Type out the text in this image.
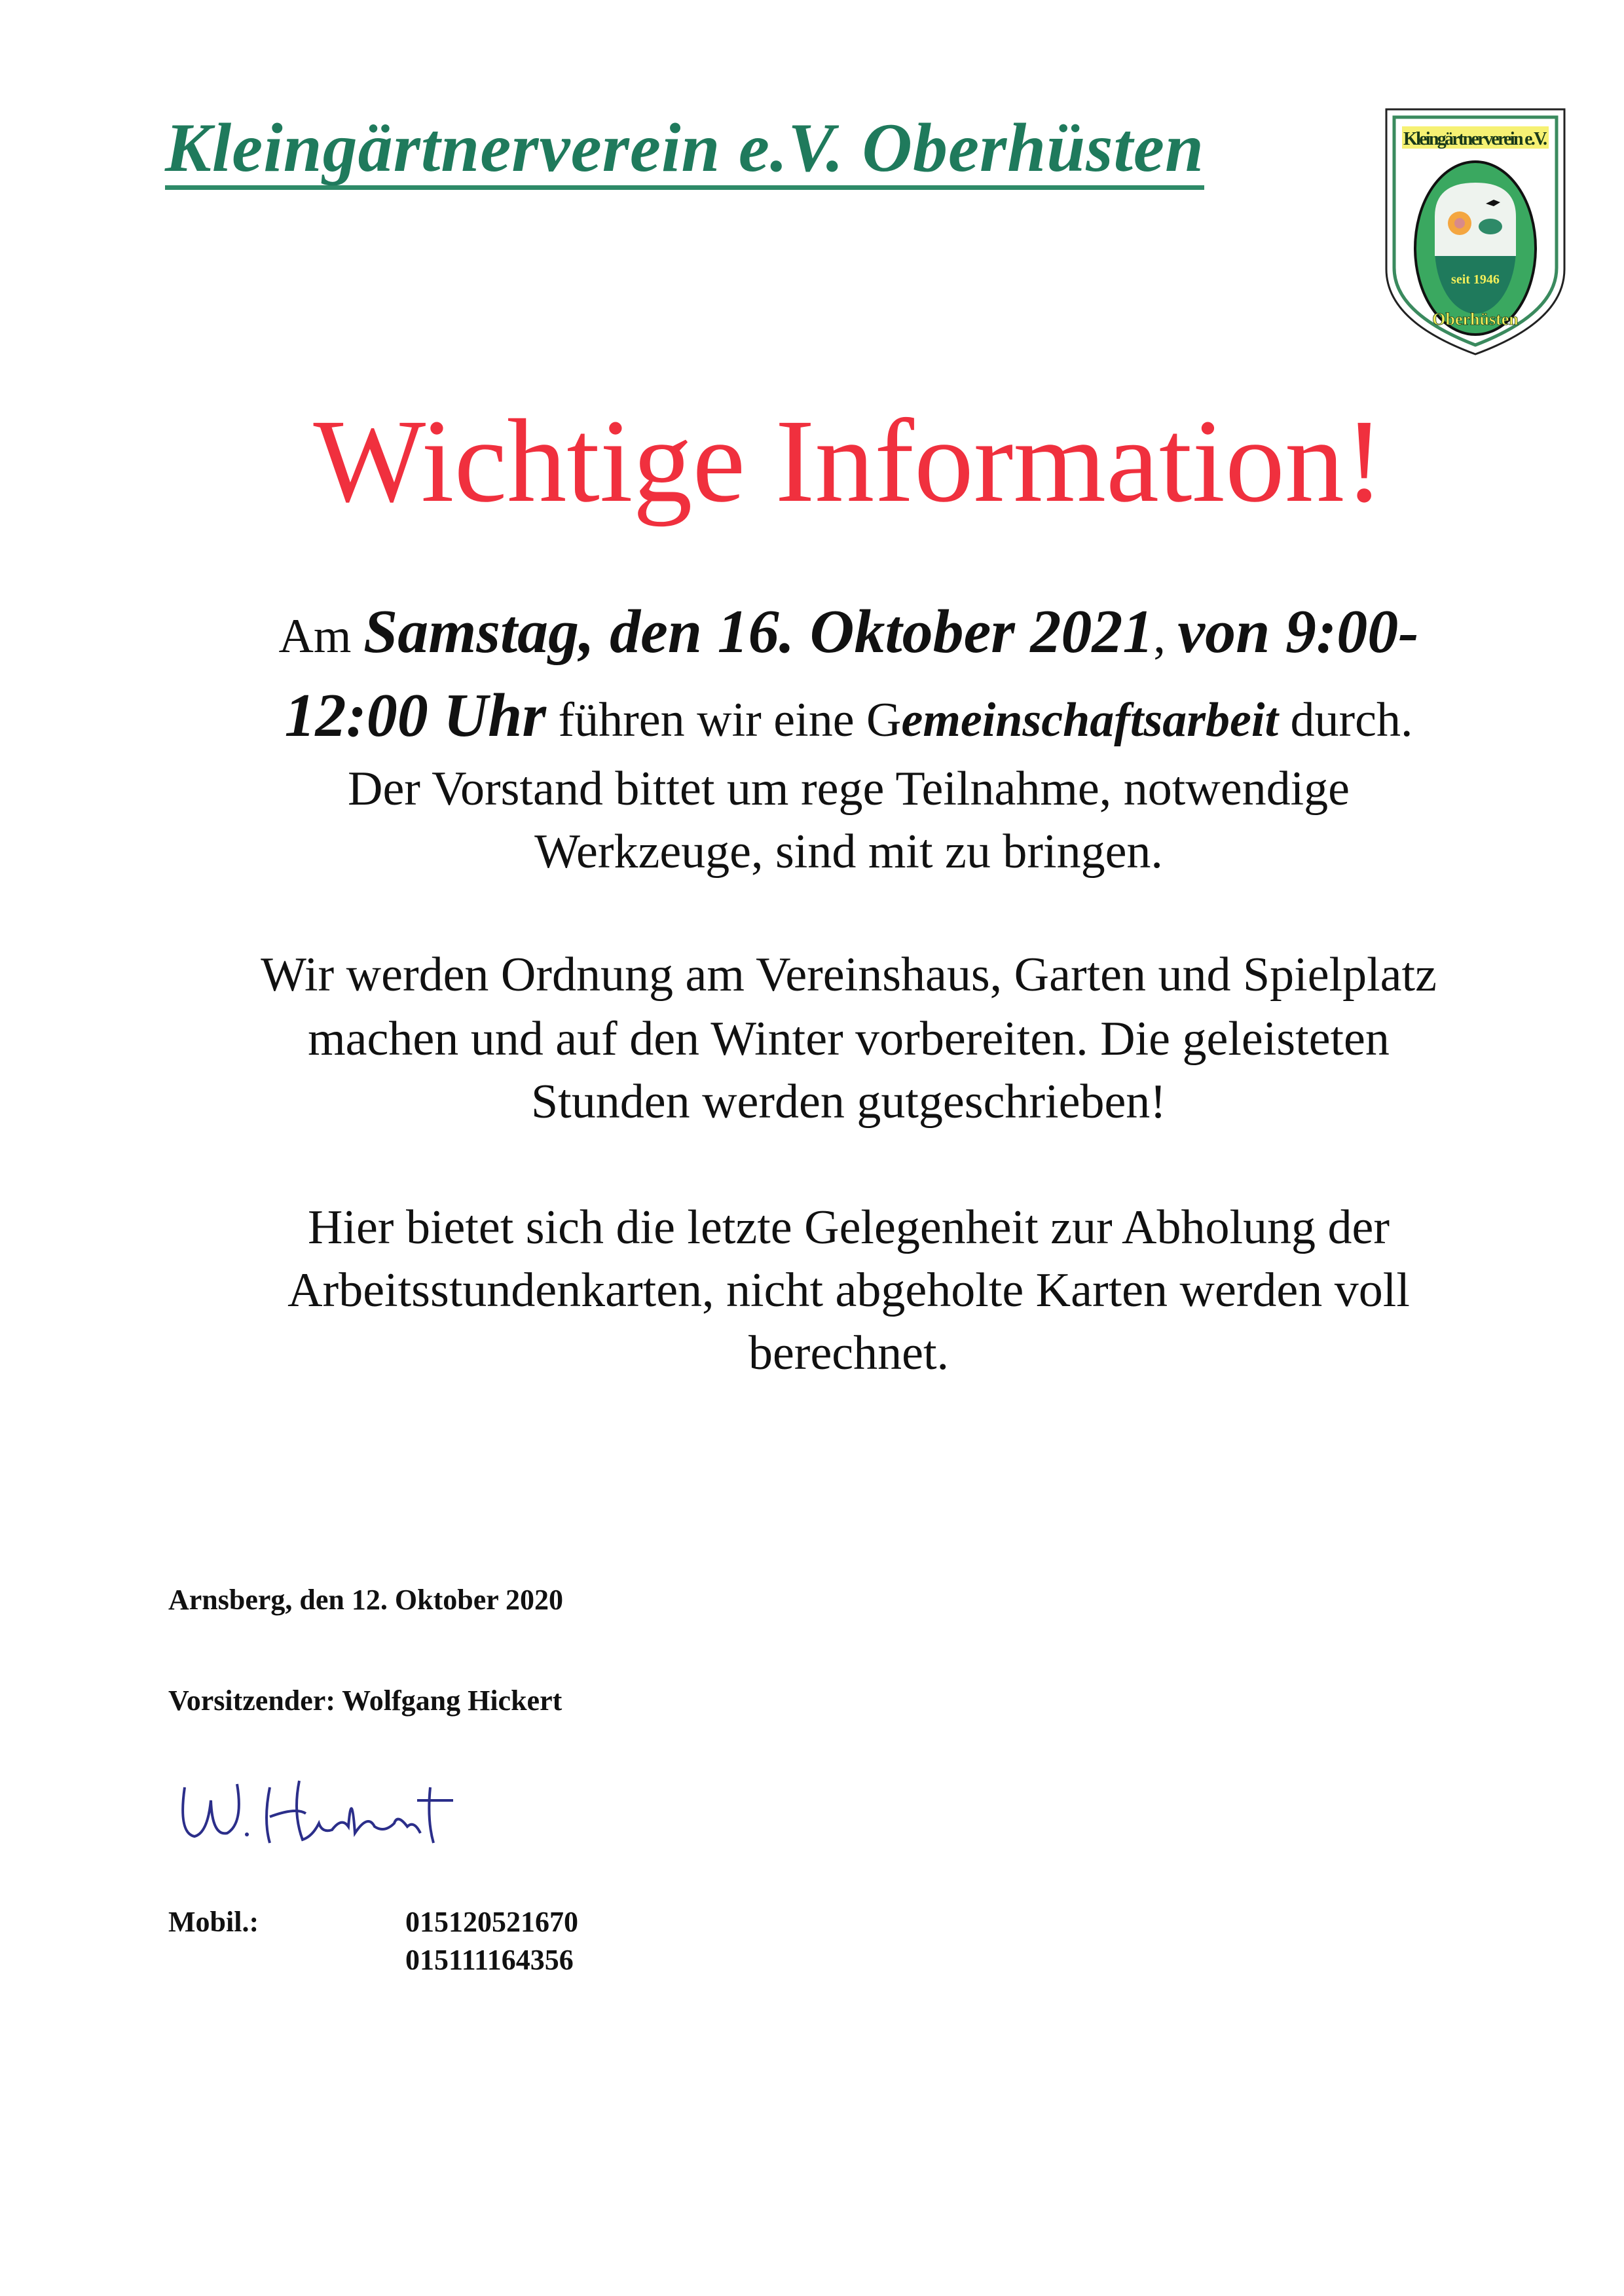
Kleingärtnerverein e.V. Oberhüsten	Kleingärtnerverein e.V.
seit 1946
Oberhüsten
Wichtige Information!
Am Samstag, den 16. Oktober 2021, von 9:00-
12:00 Uhr führen wir eine Gemeinschaftsarbeit durch.
Der Vorstand bittet um rege Teilnahme, notwendige
Werkzeuge, sind mit zu bringen.
Wir werden Ordnung am Vereinshaus, Garten und Spielplatz
machen und auf den Winter vorbereiten. Die geleisteten
Stunden werden gutgeschrieben!
Hier bietet sich die letzte Gelegenheit zur Abholung der
Arbeitsstundenkarten, nicht abgeholte Karten werden voll
berechnet.
Arnsberg, den 12. Oktober 2020
Vorsitzender: Wolfgang Hickert
Mobil.:	015120521670
015111164356
